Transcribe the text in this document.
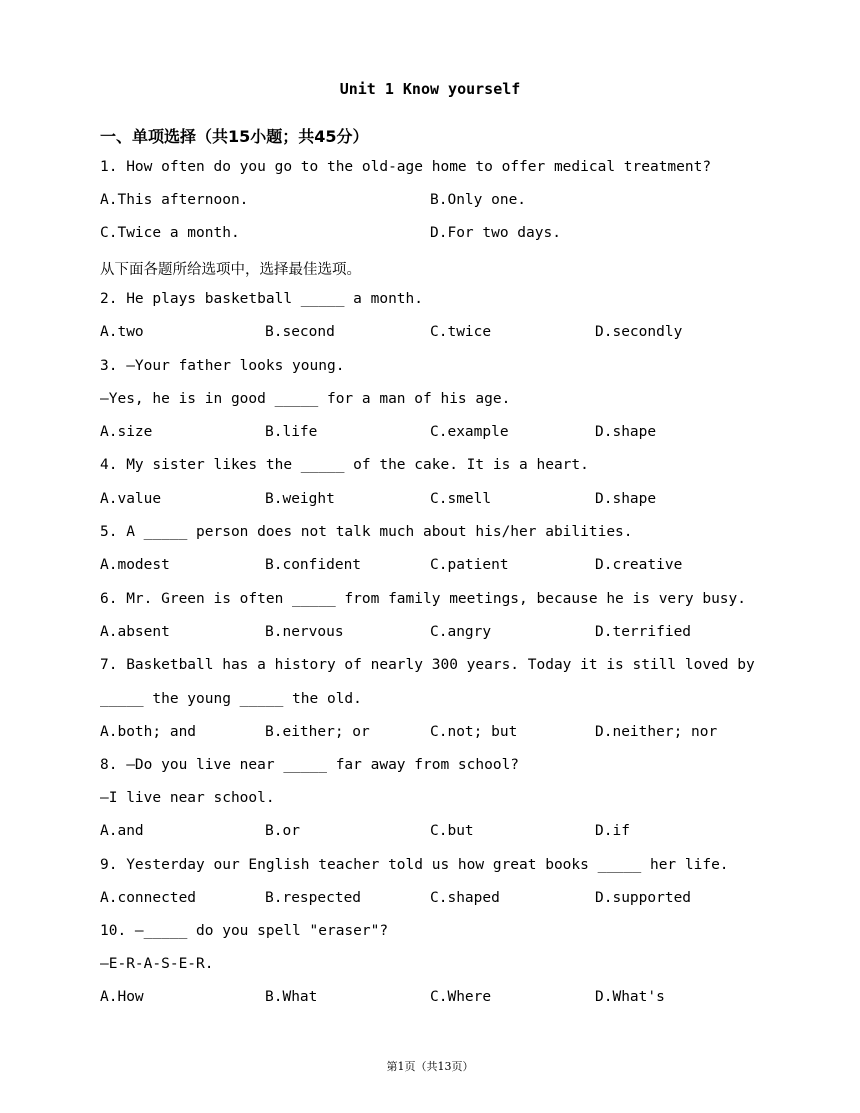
Unit 1 Know yourself
一、单项选择（共15小题；共45分）
1. How often do you go to the old-age home to offer medical treatment?
A.This afternoon.	B.Only one.
C.Twice a month.	D.For two days.
从下面各题所给选项中，选择最佳选项。
2. He plays basketball _____ a month.
A.two	B.second	C.twice	D.secondly
3. —Your father looks young.
—Yes, he is in good _____ for a man of his age.
A.size	B.life	C.example	D.shape
4. My sister likes the _____ of the cake. It is a heart.
A.value	B.weight	C.smell	D.shape
5. A _____ person does not talk much about his/her abilities.
A.modest	B.confident	C.patient	D.creative
6. Mr. Green is often _____ from family meetings, because he is very busy.
A.absent	B.nervous	C.angry	D.terrified
7. Basketball has a history of nearly 300 years. Today it is still loved by
_____ the young _____ the old.
A.both; and	B.either; or	C.not; but	D.neither; nor
8. —Do you live near _____ far away from school?
—I live near school.
A.and	B.or	C.but	D.if
9. Yesterday our English teacher told us how great books _____ her life.
A.connected	B.respected	C.shaped	D.supported
10. —_____ do you spell "eraser"?
—E-R-A-S-E-R.
A.How	B.What	C.Where	D.What's
第1页（共13页）
